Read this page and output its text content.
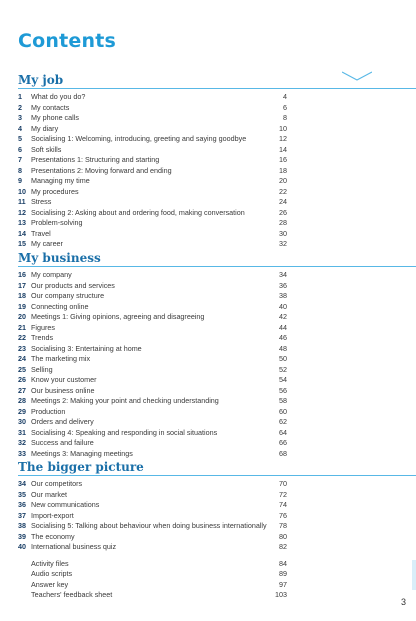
Contents
My job
1	What do you do?	4
2	My contacts	6
3	My phone calls	8
4	My diary	10
5	Socialising 1: Welcoming, introducing, greeting and saying goodbye	12
6	Soft skills	14
7	Presentations 1: Structuring and starting	16
8	Presentations 2: Moving forward and ending	18
9	Managing my time	20
10 My procedures	22
11 Stress	24
12 Socialising 2: Asking about and ordering food, making conversation	26
13 Problem-solving	28
14 Travel	30
15 My career	32
My business
16 My company	34
17 Our products and services	36
18 Our company structure	38
19 Connecting online	40
20 Meetings 1: Giving opinions, agreeing and disagreeing	42
21 Figures	44
22 Trends	46
23 Socialising 3: Entertaining at home	48
24 The marketing mix	50
25 Selling	52
26 Know your customer	54
27 Our business online	56
28 Meetings 2: Making your point and checking understanding	58
29 Production	60
30 Orders and delivery	62
31 Socialising 4: Speaking and responding in social situations	64
32 Success and failure	66
33 Meetings 3: Managing meetings	68
The bigger picture
34 Our competitors	70
35 Our market	72
36 New communications	74
37 Import-export	76
38 Socialising 5: Talking about behaviour when doing business internationally 78
39 The economy	80
40 International business quiz	82
Activity files	84
Audio scripts	89
Answer key	97
Teachers' feedback sheet	103
3
